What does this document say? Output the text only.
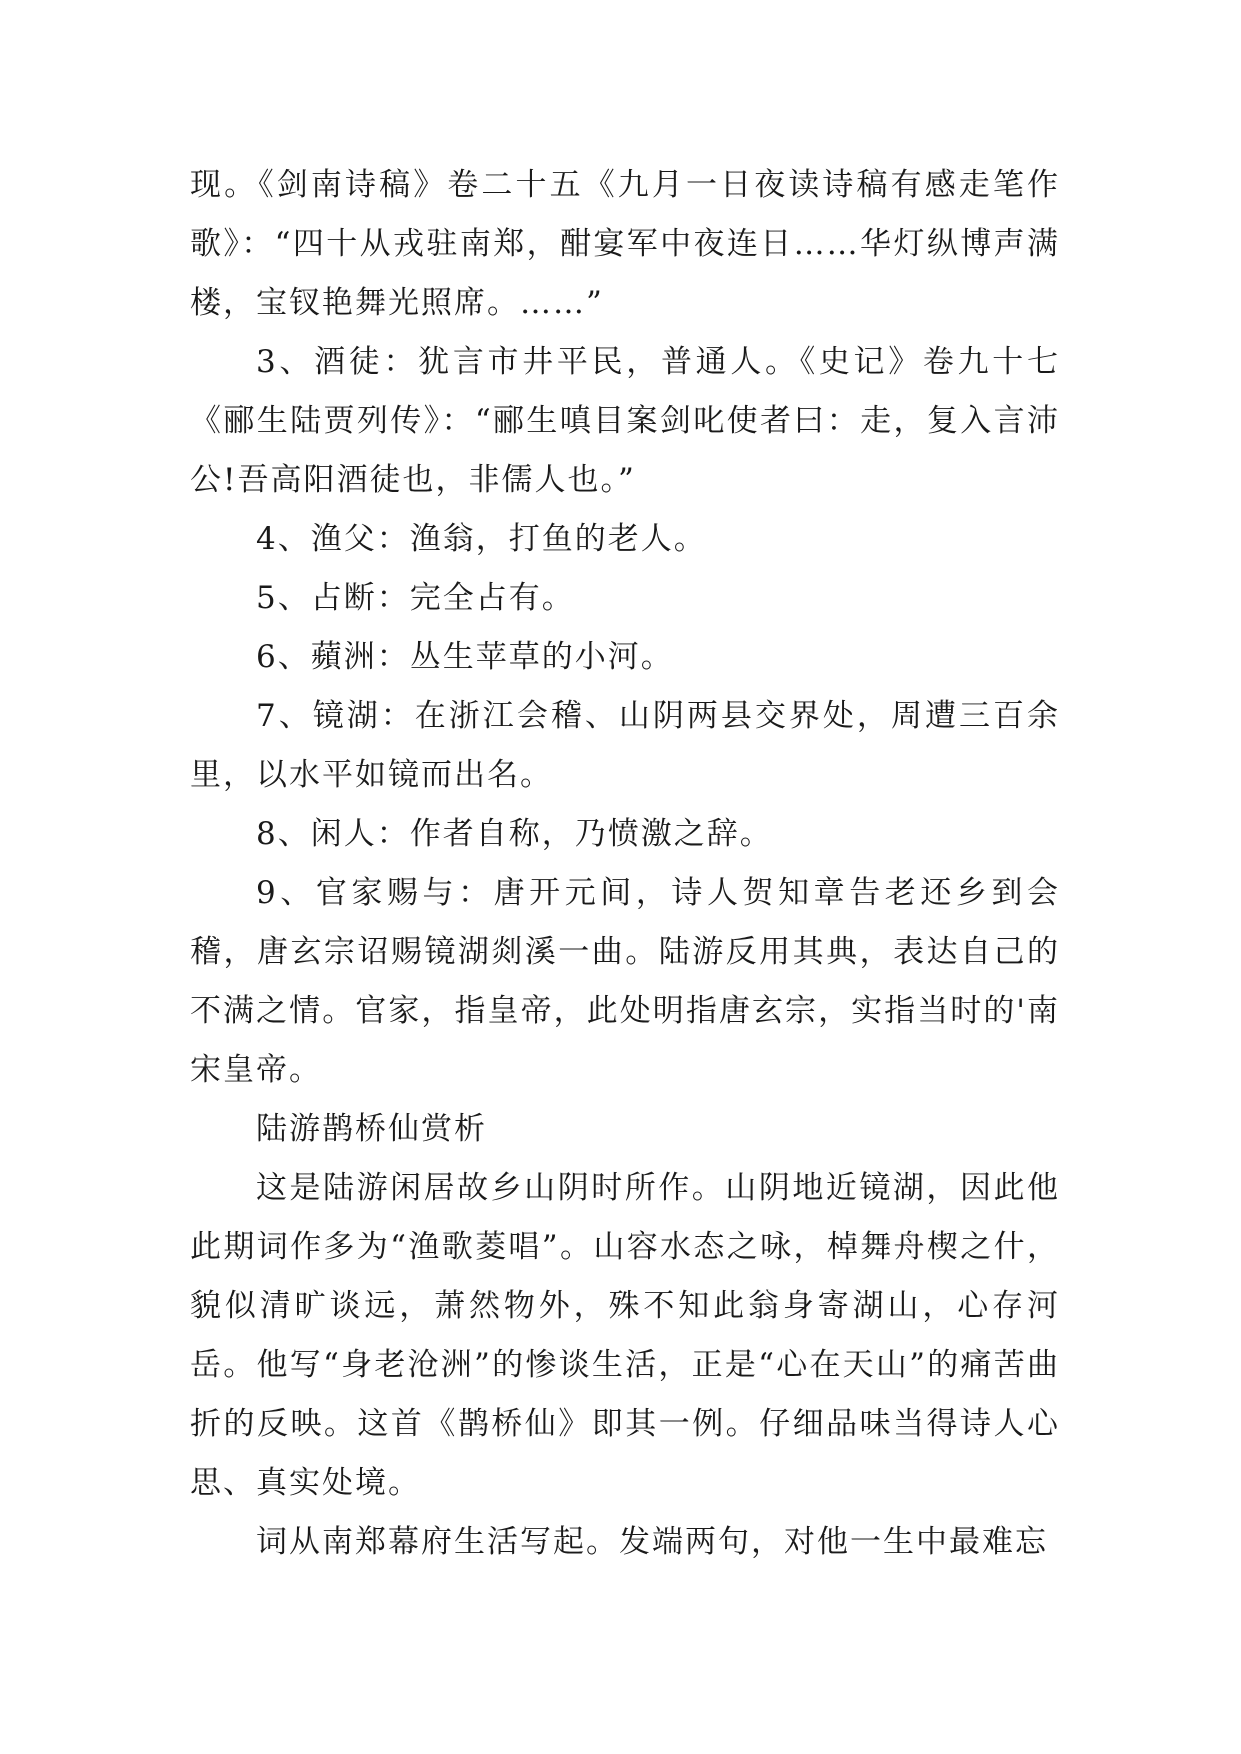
现。《剑南诗稿》卷二十五《九月一日夜读诗稿有感走笔作歌》：“四十从戎驻南郑，酣宴军中夜连日……华灯纵博声满楼，宝钗艳舞光照席。……”

3、酒徒：犹言市井平民，普通人。《史记》卷九十七《郦生陆贾列传》：“郦生嗔目案剑叱使者曰：走，复入言沛公!吾高阳酒徒也，非儒人也。”

4、渔父：渔翁，打鱼的老人。

5、占断：完全占有。

6、蘋洲：丛生苹草的小河。

7、镜湖：在浙江会稽、山阴两县交界处，周遭三百余里，以水平如镜而出名。

8、闲人：作者自称，乃愤激之辞。

9、官家赐与：唐开元间，诗人贺知章告老还乡到会稽，唐玄宗诏赐镜湖剡溪一曲。陆游反用其典，表达自己的不满之情。官家，指皇帝，此处明指唐玄宗，实指当时的'南宋皇帝。

陆游鹊桥仙赏析

这是陆游闲居故乡山阴时所作。山阴地近镜湖，因此他此期词作多为“渔歌菱唱”。山容水态之咏，棹舞舟楔之什，貌似清旷谈远，萧然物外，殊不知此翁身寄湖山，心存河岳。他写“身老沧洲”的惨谈生活，正是“心在天山”的痛苦曲折的反映。这首《鹊桥仙》即其一例。仔细品味当得诗人心思、真实处境。

词从南郑幕府生活写起。发端两句，对他一生中最难忘
